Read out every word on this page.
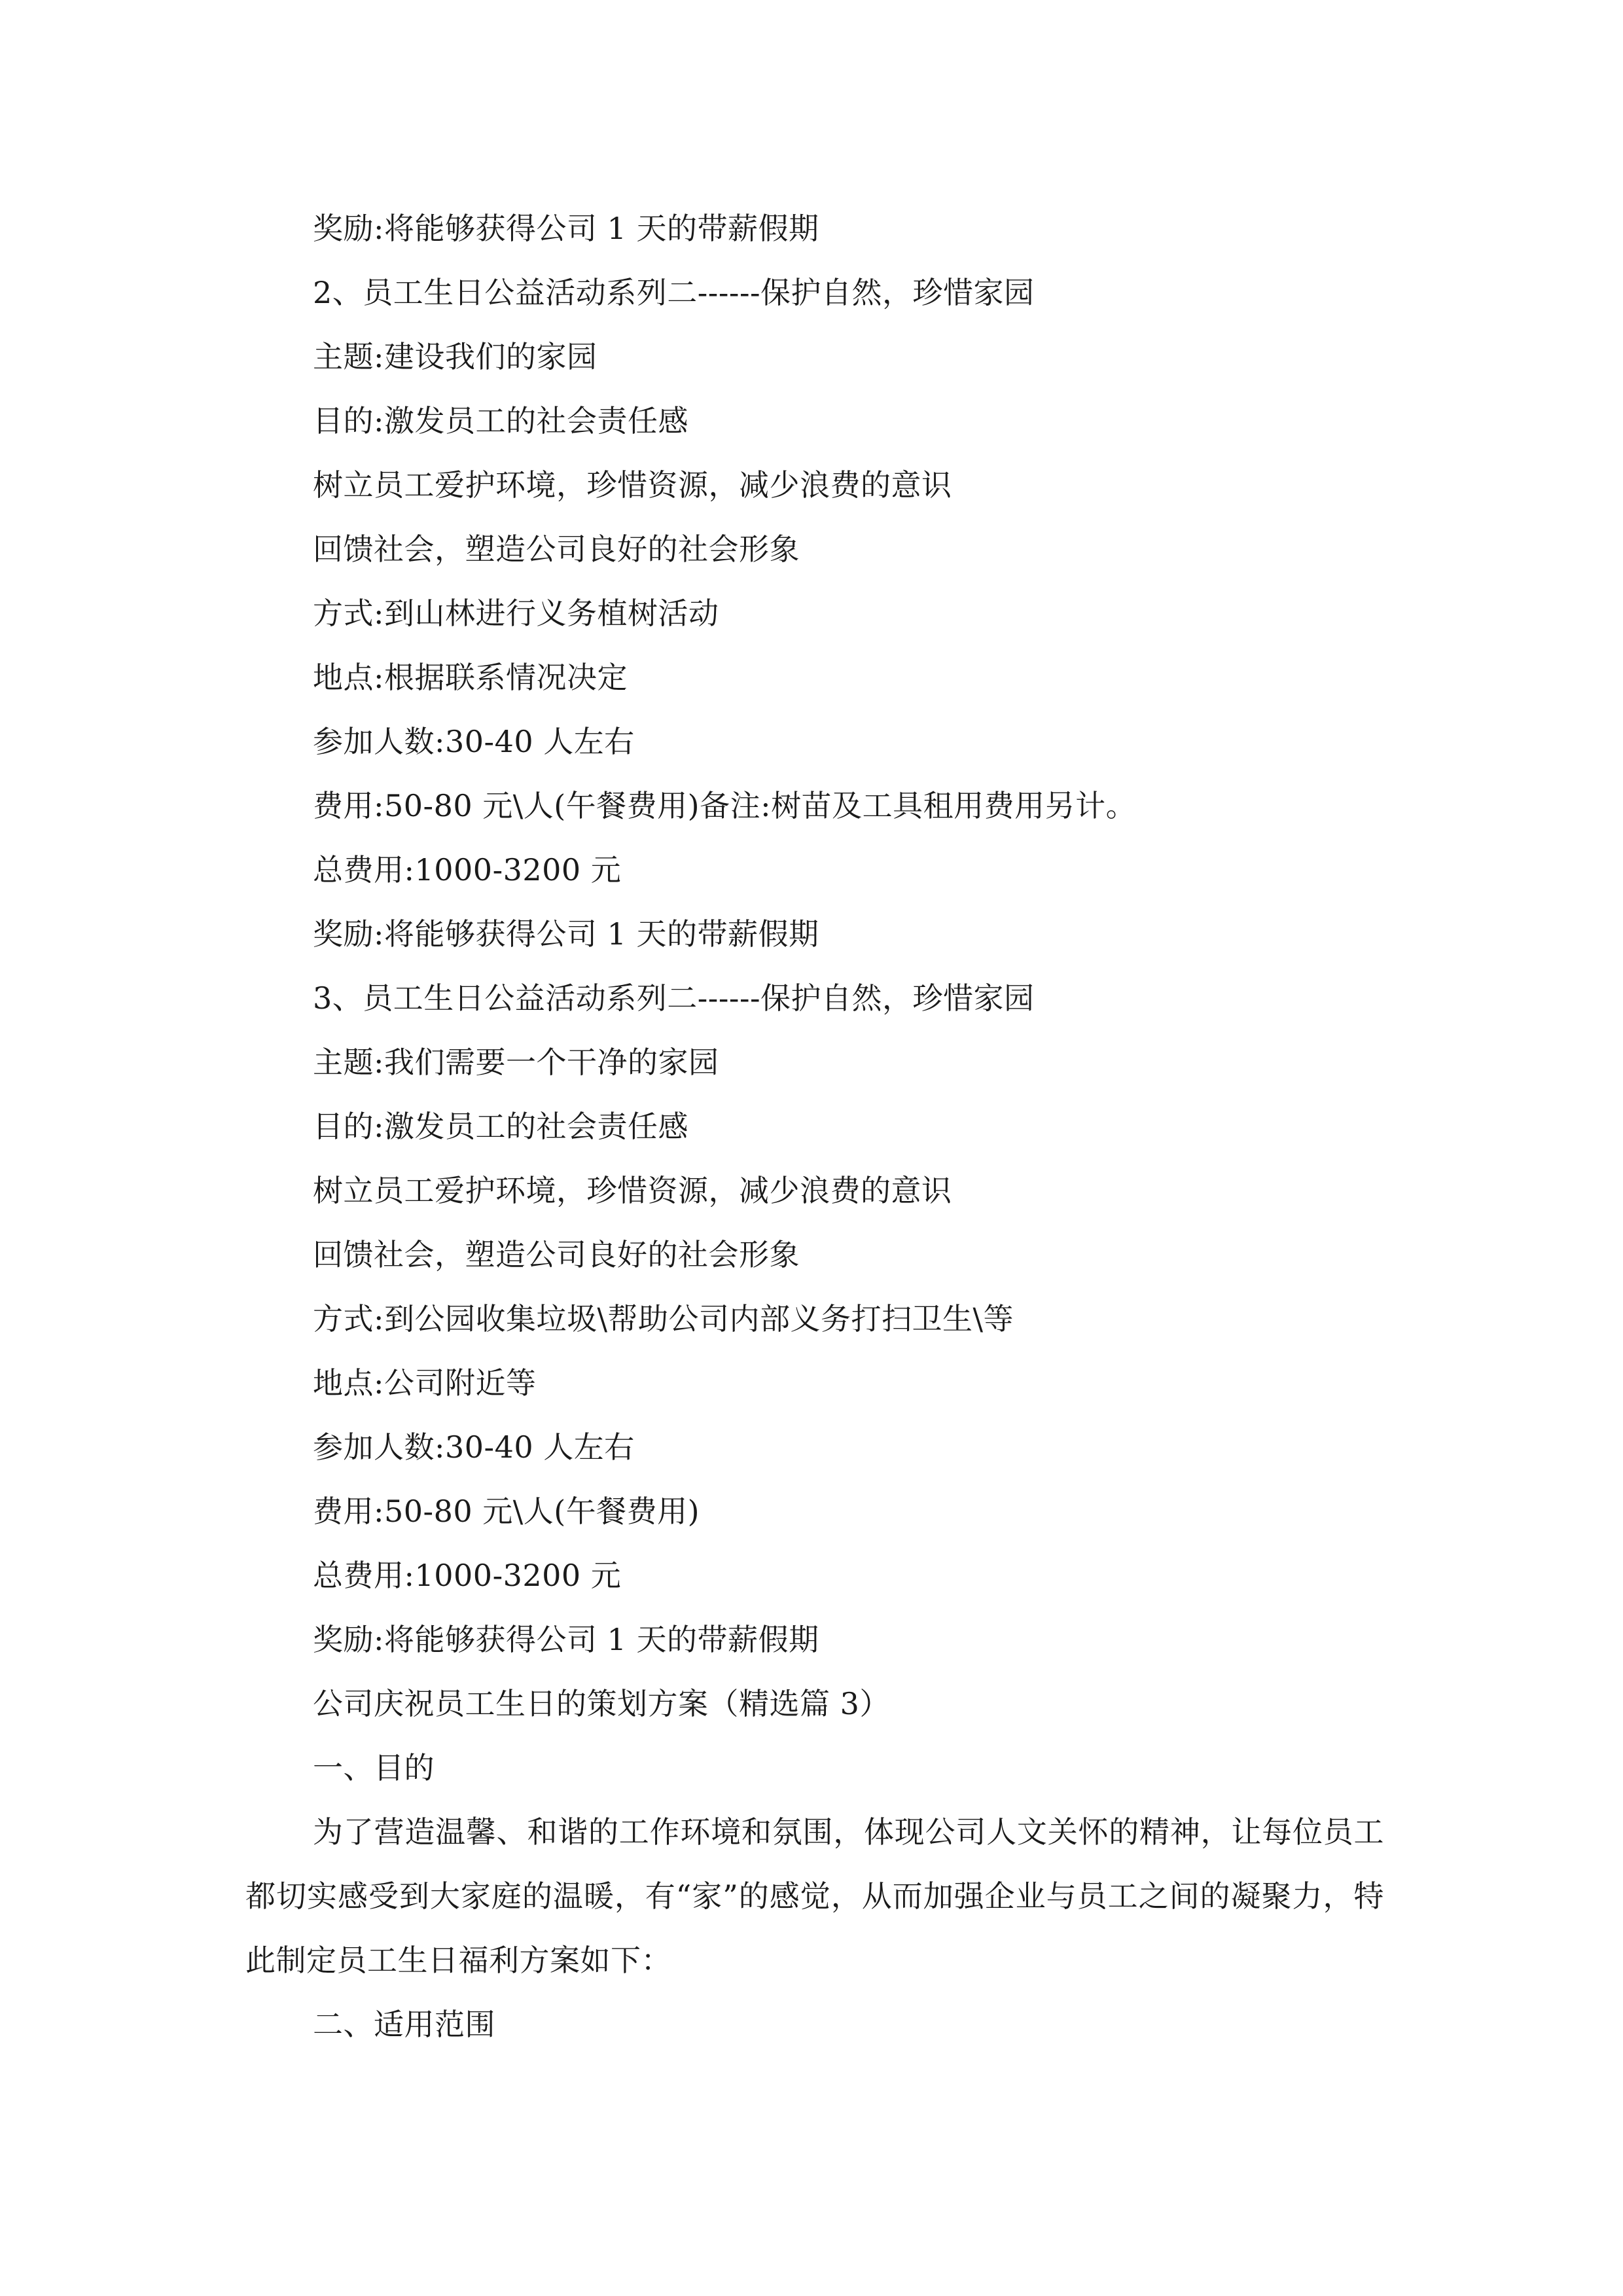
奖励:将能够获得公司 1 天的带薪假期
2、员工生日公益活动系列二------保护自然，珍惜家园
主题:建设我们的家园
目的:激发员工的社会责任感
树立员工爱护环境，珍惜资源，减少浪费的意识
回馈社会，塑造公司良好的社会形象
方式:到山林进行义务植树活动
地点:根据联系情况决定
参加人数:30-40 人左右
费用:50-80 元\人(午餐费用)备注:树苗及工具租用费用另计。
总费用:1000-3200 元
奖励:将能够获得公司 1 天的带薪假期
3、员工生日公益活动系列二------保护自然，珍惜家园
主题:我们需要一个干净的家园
目的:激发员工的社会责任感
树立员工爱护环境，珍惜资源，减少浪费的意识
回馈社会，塑造公司良好的社会形象
方式:到公园收集垃圾\帮助公司内部义务打扫卫生\等
地点:公司附近等
参加人数:30-40 人左右
费用:50-80 元\人(午餐费用)
总费用:1000-3200 元
奖励:将能够获得公司 1 天的带薪假期
公司庆祝员工生日的策划方案（精选篇 3）
一、目的
为了营造温馨、和谐的工作环境和氛围，体现公司人文关怀的精神，让每位员工都切实感受到大家庭的温暖，有“家”的感觉，从而加强企业与员工之间的凝聚力，特此制定员工生日福利方案如下：
二、适用范围
